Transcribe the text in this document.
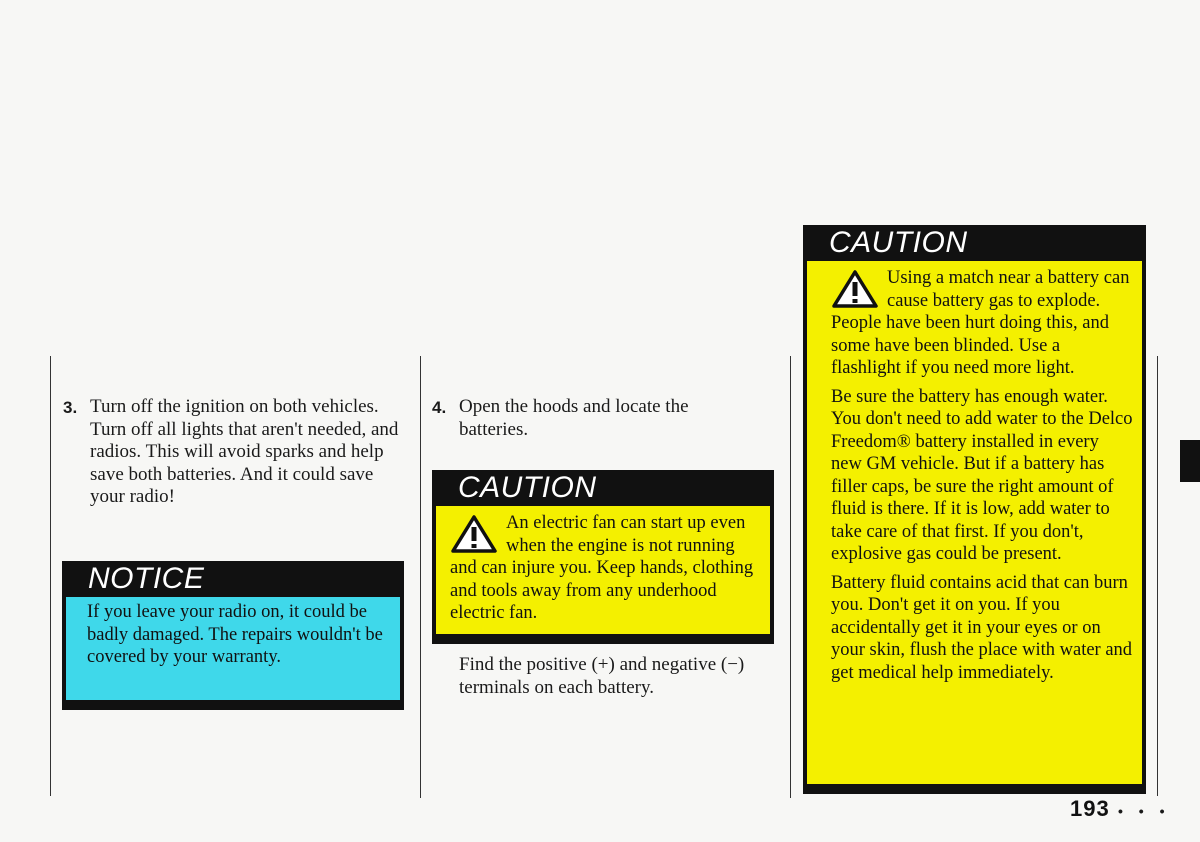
3. Turn off the ignition on both vehicles. Turn off all lights that aren't needed, and radios. This will avoid sparks and help save both batteries. And it could save your radio!
NOTICE
If you leave your radio on, it could be badly damaged. The repairs wouldn't be covered by your warranty.
4. Open the hoods and locate the batteries.
CAUTION
An electric fan can start up even when the engine is not running and can injure you. Keep hands, clothing and tools away from any underhood electric fan.
Find the positive (+) and negative (−) terminals on each battery.
CAUTION

Using a match near a battery can cause battery gas to explode. People have been hurt doing this, and some have been blinded. Use a flashlight if you need more light.

Be sure the battery has enough water. You don't need to add water to the Delco Freedom® battery installed in every new GM vehicle. But if a battery has filler caps, be sure the right amount of fluid is there. If it is low, add water to take care of that first. If you don't, explosive gas could be present.

Battery fluid contains acid that can burn you. Don't get it on you. If you accidentally get it in your eyes or on your skin, flush the place with water and get medical help immediately.

193 • • •
